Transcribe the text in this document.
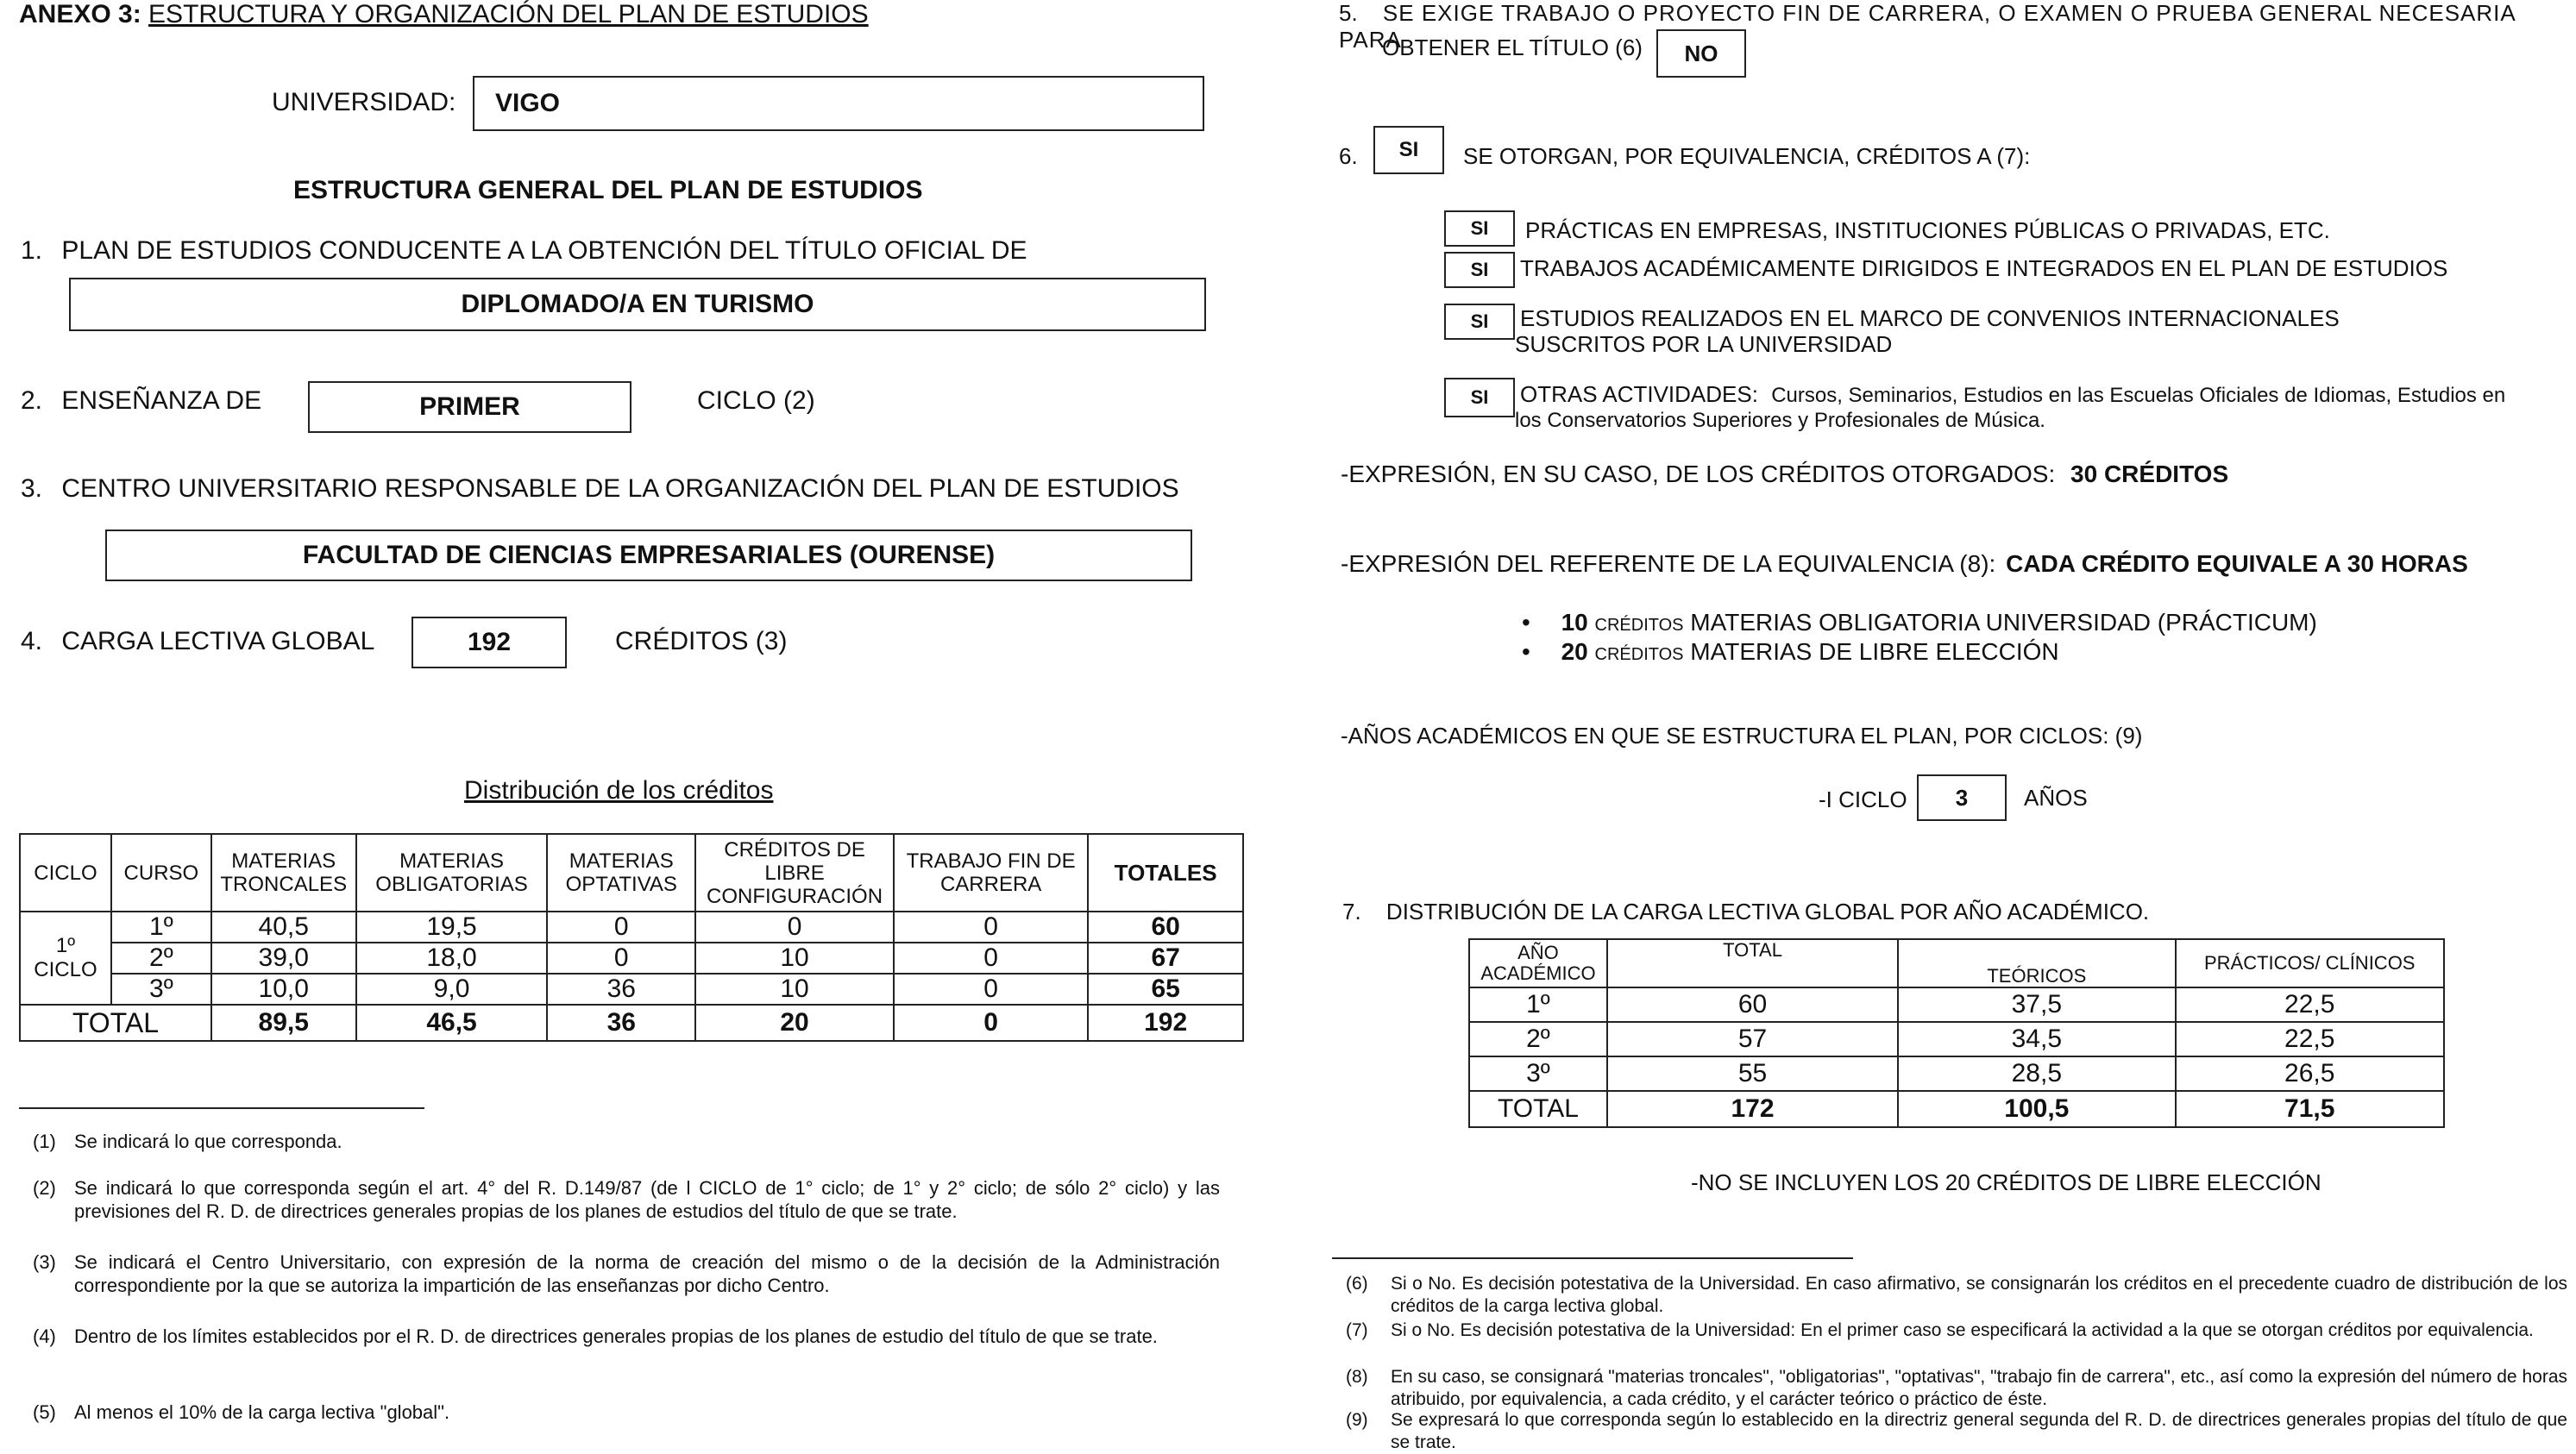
ANEXO 3: ESTRUCTURA Y ORGANIZACIÓN DEL PLAN DE ESTUDIOS
UNIVERSIDAD: VIGO
ESTRUCTURA GENERAL DEL PLAN DE ESTUDIOS
1. PLAN DE ESTUDIOS CONDUCENTE A LA OBTENCIÓN DEL TÍTULO OFICIAL DE
DIPLOMADO/A EN TURISMO
2. ENSEÑANZA DE	PRIMER	CICLO (2)
3. CENTRO UNIVERSITARIO RESPONSABLE DE LA ORGANIZACIÓN DEL PLAN DE ESTUDIOS
FACULTAD DE CIENCIAS EMPRESARIALES (OURENSE)
4. CARGA LECTIVA GLOBAL	192	CRÉDITOS (3)
Distribución de los créditos
CICLO	CURSO	MATERIAS TRONCALES	MATERIAS OBLIGATORIAS	MATERIAS OPTATIVAS	CRÉDITOS DE LIBRE CONFIGURACIÓN	TRABAJO FIN DE CARRERA	TOTALES
1º CICLO	1º	40,5	19,5	0	0	0	60
	2º	39,0	18,0	0	10	0	67
	3º	10,0	9,0	36	10	0	65
TOTAL		89,5	46,5	36	20	0	192
(1) Se indicará lo que corresponda.
(2) Se indicará lo que corresponda según el art. 4° del R. D.149/87 (de l CICLO de 1° ciclo; de 1° y 2° ciclo; de sólo 2° ciclo) y las previsiones del R. D. de directrices generales propias de los planes de estudios del título de que se trate.
(3) Se indicará el Centro Universitario, con expresión de la norma de creación del mismo o de la decisión de la Administración correspondiente por la que se autoriza la impartición de las enseñanzas por dicho Centro.
(4) Dentro de los límites establecidos por el R. D. de directrices generales propias de los planes de estudio del título de que se trate.
(5) Al menos el 10% de la carga lectiva "global".
5. SE EXIGE TRABAJO O PROYECTO FIN DE CARRERA, O EXAMEN O PRUEBA GENERAL NECESARIA PARA
OBTENER EL TÍTULO (6) NO
6. SI SE OTORGAN, POR EQUIVALENCIA, CRÉDITOS A (7):
SI PRÁCTICAS EN EMPRESAS, INSTITUCIONES PÚBLICAS O PRIVADAS, ETC.
SI TRABAJOS ACADÉMICAMENTE DIRIGIDOS E INTEGRADOS EN EL PLAN DE ESTUDIOS
SI ESTUDIOS REALIZADOS EN EL MARCO DE CONVENIOS INTERNACIONALES
SUSCRITOS POR LA UNIVERSIDAD
SI OTRAS ACTIVIDADES: Cursos, Seminarios, Estudios en las Escuelas Oficiales de Idiomas, Estudios en
los Conservatorios Superiores y Profesionales de Música.
-EXPRESIÓN, EN SU CASO, DE LOS CRÉDITOS OTORGADOS: 30 CRÉDITOS
-EXPRESIÓN DEL REFERENTE DE LA EQUIVALENCIA (8): CADA CRÉDITO EQUIVALE A 30 HORAS
• 10 CRÉDITOS MATERIAS OBLIGATORIA UNIVERSIDAD (PRÁCTICUM)
• 20 CRÉDITOS MATERIAS DE LIBRE ELECCIÓN
-AÑOS ACADÉMICOS EN QUE SE ESTRUCTURA EL PLAN, POR CICLOS: (9)
-I CICLO 3 AÑOS
7. DISTRIBUCIÓN DE LA CARGA LECTIVA GLOBAL POR AÑO ACADÉMICO.
AÑO ACADÉMICO	TOTAL	TEÓRICOS	PRÁCTICOS/ CLÍNICOS
1º	60	37,5	22,5
2º	57	34,5	22,5
3º	55	28,5	26,5
TOTAL	172	100,5	71,5
-NO SE INCLUYEN LOS 20 CRÉDITOS DE LIBRE ELECCIÓN
(6) Si o No. Es decisión potestativa de la Universidad. En caso afirmativo, se consignarán los créditos en el precedente cuadro de distribución de los créditos de la carga lectiva global.
(7) Si o No. Es decisión potestativa de la Universidad: En el primer caso se especificará la actividad a la que se otorgan créditos por equivalencia.
(8) En su caso, se consignará "materias troncales", "obligatorias", "optativas", "trabajo fin de carrera", etc., así como la expresión del número de horas atribuido, por equivalencia, a cada crédito, y el carácter teórico o práctico de éste.
(9) Se expresará lo que corresponda según lo establecido en la directriz general segunda del R. D. de directrices generales propias del título de que se trate.
